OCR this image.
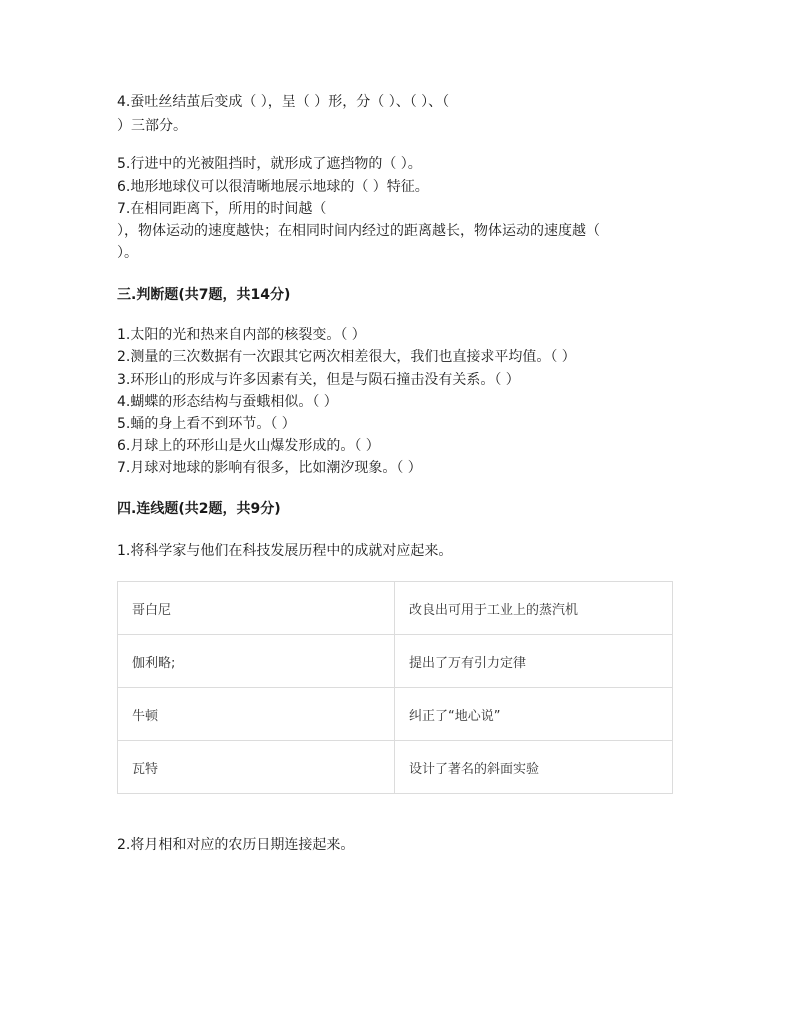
4.蚕吐丝结茧后变成（ ），呈（ ）形，分（ ）、（ ）、（
）三部分。
5.行进中的光被阻挡时，就形成了遮挡物的（ ）。
6.地形地球仪可以很清晰地展示地球的（ ）特征。
7.在相同距离下，所用的时间越（
），物体运动的速度越快；在相同时间内经过的距离越长，物体运动的速度越（
）。
三.判断题(共7题，共14分)
1.太阳的光和热来自内部的核裂变。（ ）
2.测量的三次数据有一次跟其它两次相差很大，我们也直接求平均值。（ ）
3.环形山的形成与许多因素有关，但是与陨石撞击没有关系。（ ）
4.蝴蝶的形态结构与蚕蛾相似。（ ）
5.蛹的身上看不到环节。（ ）
6.月球上的环形山是火山爆发形成的。（ ）
7.月球对地球的影响有很多，比如潮汐现象。（ ）
四.连线题(共2题，共9分)
1.将科学家与他们在科技发展历程中的成就对应起来。
哥白尼	改良出可用于工业上的蒸汽机
伽利略;	提出了万有引力定律
牛顿	纠正了“地心说”
瓦特	设计了著名的斜面实验
2.将月相和对应的农历日期连接起来。
